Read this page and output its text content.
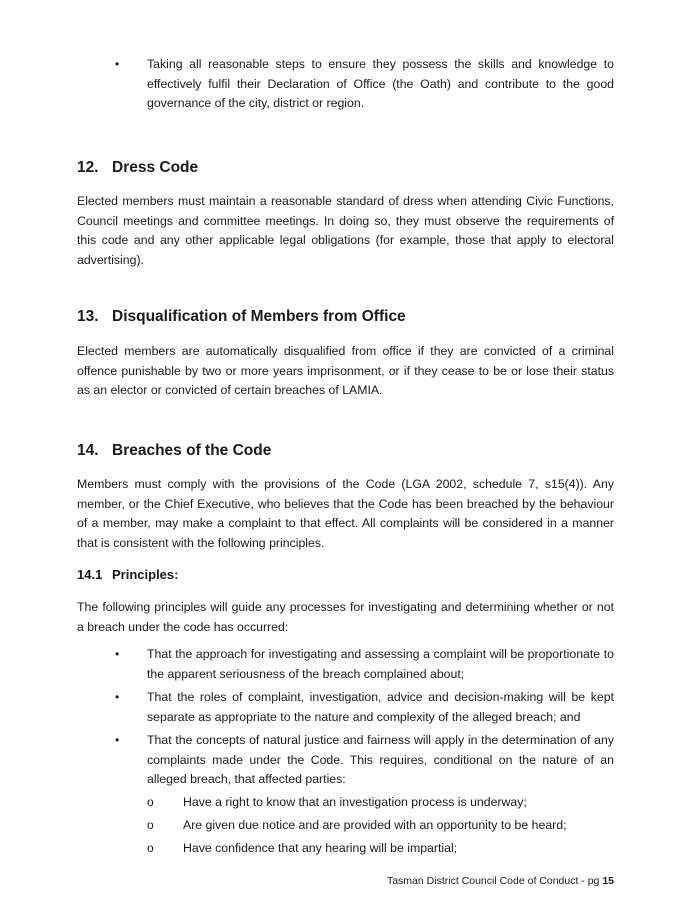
• Taking all reasonable steps to ensure they possess the skills and knowledge to effectively fulfil their Declaration of Office (the Oath) and contribute to the good governance of the city, district or region.

12. Dress Code

Elected members must maintain a reasonable standard of dress when attending Civic Functions, Council meetings and committee meetings. In doing so, they must observe the requirements of this code and any other applicable legal obligations (for example, those that apply to electoral advertising).

13. Disqualification of Members from Office

Elected members are automatically disqualified from office if they are convicted of a criminal offence punishable by two or more years imprisonment, or if they cease to be or lose their status as an elector or convicted of certain breaches of LAMIA.

14. Breaches of the Code

Members must comply with the provisions of the Code (LGA 2002, schedule 7, s15(4)). Any member, or the Chief Executive, who believes that the Code has been breached by the behaviour of a member, may make a complaint to that effect. All complaints will be considered in a manner that is consistent with the following principles.

14.1 Principles:

The following principles will guide any processes for investigating and determining whether or not a breach under the code has occurred:

• That the approach for investigating and assessing a complaint will be proportionate to the apparent seriousness of the breach complained about;

• That the roles of complaint, investigation, advice and decision-making will be kept separate as appropriate to the nature and complexity of the alleged breach; and

• That the concepts of natural justice and fairness will apply in the determination of any complaints made under the Code. This requires, conditional on the nature of an alleged breach, that affected parties:

o Have a right to know that an investigation process is underway;

o Are given due notice and are provided with an opportunity to be heard;

o Have confidence that any hearing will be impartial;

Tasman District Council Code of Conduct - pg 15
